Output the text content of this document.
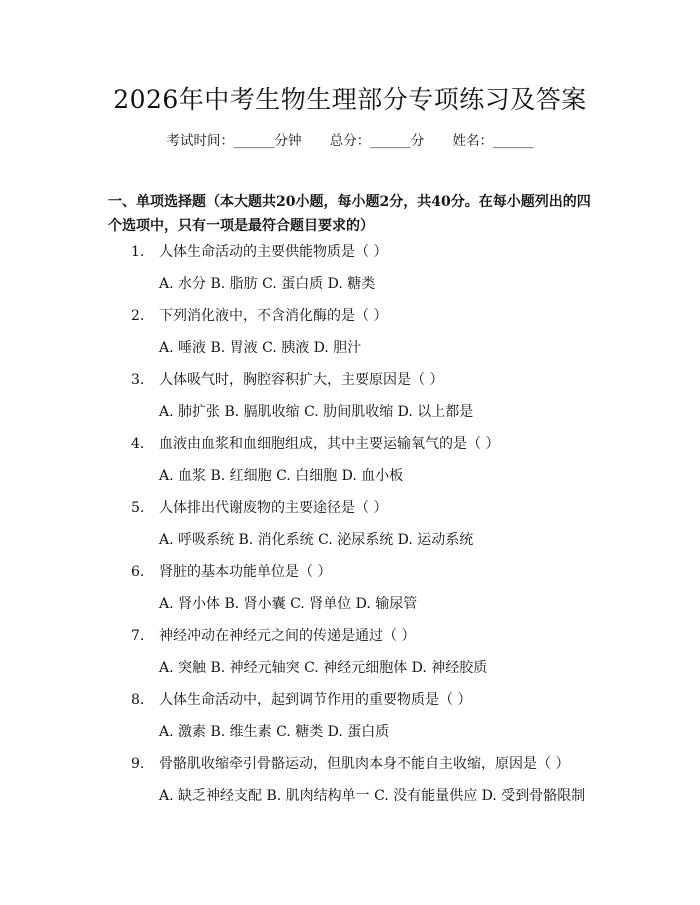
2026年中考生物生理部分专项练习及答案
考试时间：______分钟 总分：______分 姓名：______
一、单项选择题（本大题共20小题，每小题2分，共40分。在每小题列出的四个选项中，只有一项是最符合题目要求的）
1.	人体生命活动的主要供能物质是（ ）
A. 水分 B. 脂肪 C. 蛋白质 D. 糖类
2.	下列消化液中，不含消化酶的是（ ）
A. 唾液 B. 胃液 C. 胰液 D. 胆汁
3.	人体吸气时，胸腔容积扩大，主要原因是（ ）
A. 肺扩张 B. 膈肌收缩 C. 肋间肌收缩 D. 以上都是
4.	血液由血浆和血细胞组成，其中主要运输氧气的是（ ）
A. 血浆 B. 红细胞 C. 白细胞 D. 血小板
5.	人体排出代谢废物的主要途径是（ ）
A. 呼吸系统 B. 消化系统 C. 泌尿系统 D. 运动系统
6.	肾脏的基本功能单位是（ ）
A. 肾小体 B. 肾小囊 C. 肾单位 D. 输尿管
7.	神经冲动在神经元之间的传递是通过（ ）
A. 突触 B. 神经元轴突 C. 神经元细胞体 D. 神经胶质
8.	人体生命活动中，起到调节作用的重要物质是（ ）
A. 激素 B. 维生素 C. 糖类 D. 蛋白质
9.	骨骼肌收缩牵引骨骼运动，但肌肉本身不能自主收缩，原因是（ ）
A. 缺乏神经支配 B. 肌肉结构单一 C. 没有能量供应 D. 受到骨骼限制
